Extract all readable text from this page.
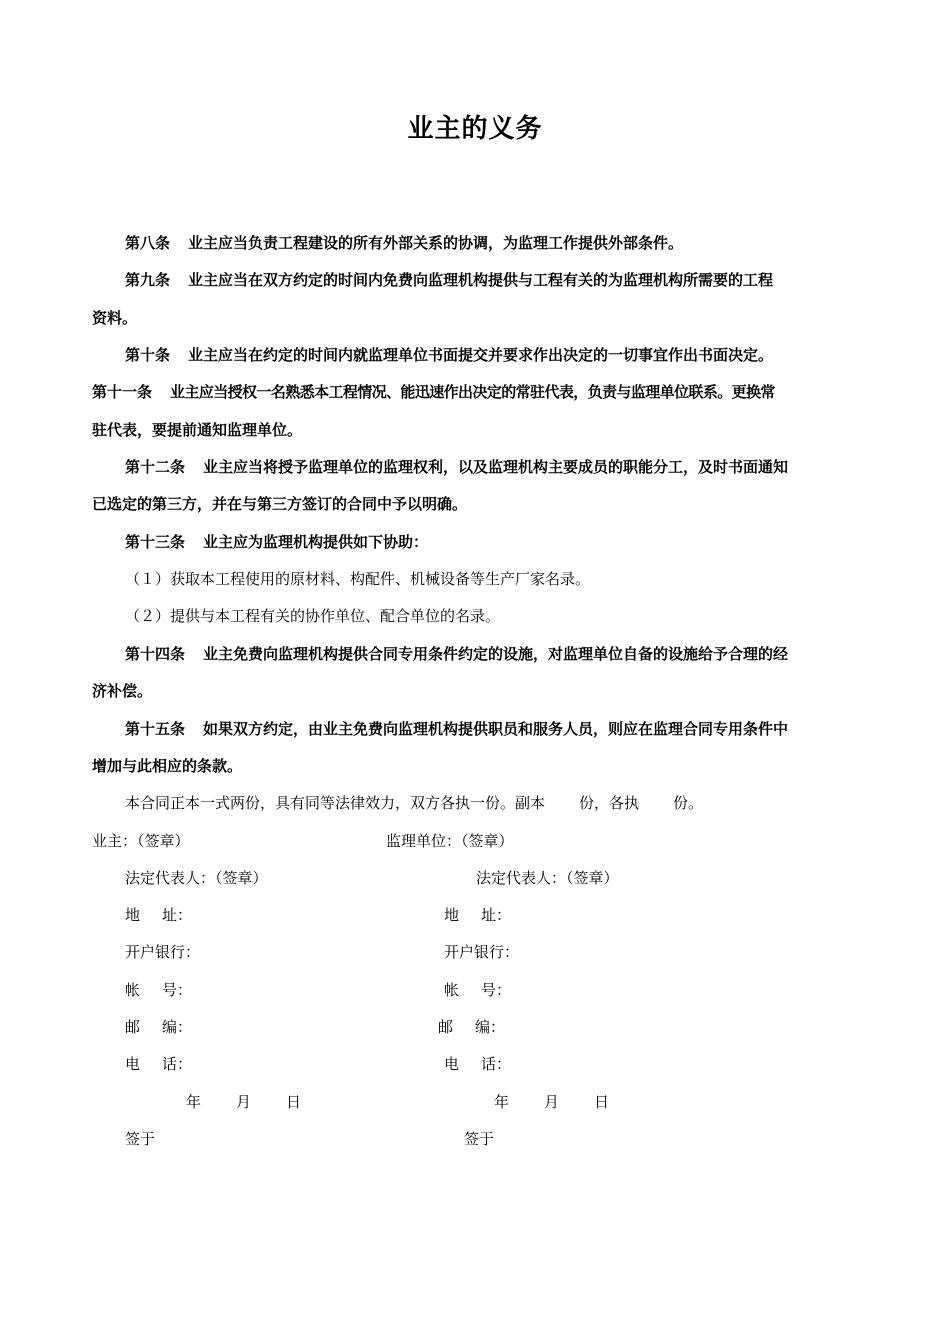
业主的义务
第八条 业主应当负责工程建设的所有外部关系的协调，为监理工作提供外部条件。
第九条 业主应当在双方约定的时间内免费向监理机构提供与工程有关的为监理机构所需要的工程
资料。
第十条 业主应当在约定的时间内就监理单位书面提交并要求作出决定的一切事宜作出书面决定。
第十一条 业主应当授权一名熟悉本工程情况、能迅速作出决定的常驻代表，负责与监理单位联系。更换常
驻代表，要提前通知监理单位。
第十二条 业主应当将授予监理单位的监理权利，以及监理机构主要成员的职能分工，及时书面通知
已选定的第三方，并在与第三方签订的合同中予以明确。
第十三条 业主应为监理机构提供如下协助：
（１）获取本工程使用的原材料、构配件、机械设备等生产厂家名录。
（２）提供与本工程有关的协作单位、配合单位的名录。
第十四条 业主免费向监理机构提供合同专用条件约定的设施，对监理单位自备的设施给予合理的经
济补偿。
第十五条 如果双方约定，由业主免费向监理机构提供职员和服务人员，则应在监理合同专用条件中
增加与此相应的条款。
本合同正本一式两份，具有同等法律效力，双方各执一份。副本 份，各执 份。
业主：（签章）
法定代表人：（签章）
地 址：
开户银行：
帐 号：
邮 编：
电 话：
年 月 日
签于
监理单位：（签章）
法定代表人：（签章）
地 址：
开户银行：
帐 号：
邮 编：
电 话：
年 月 日
签于
